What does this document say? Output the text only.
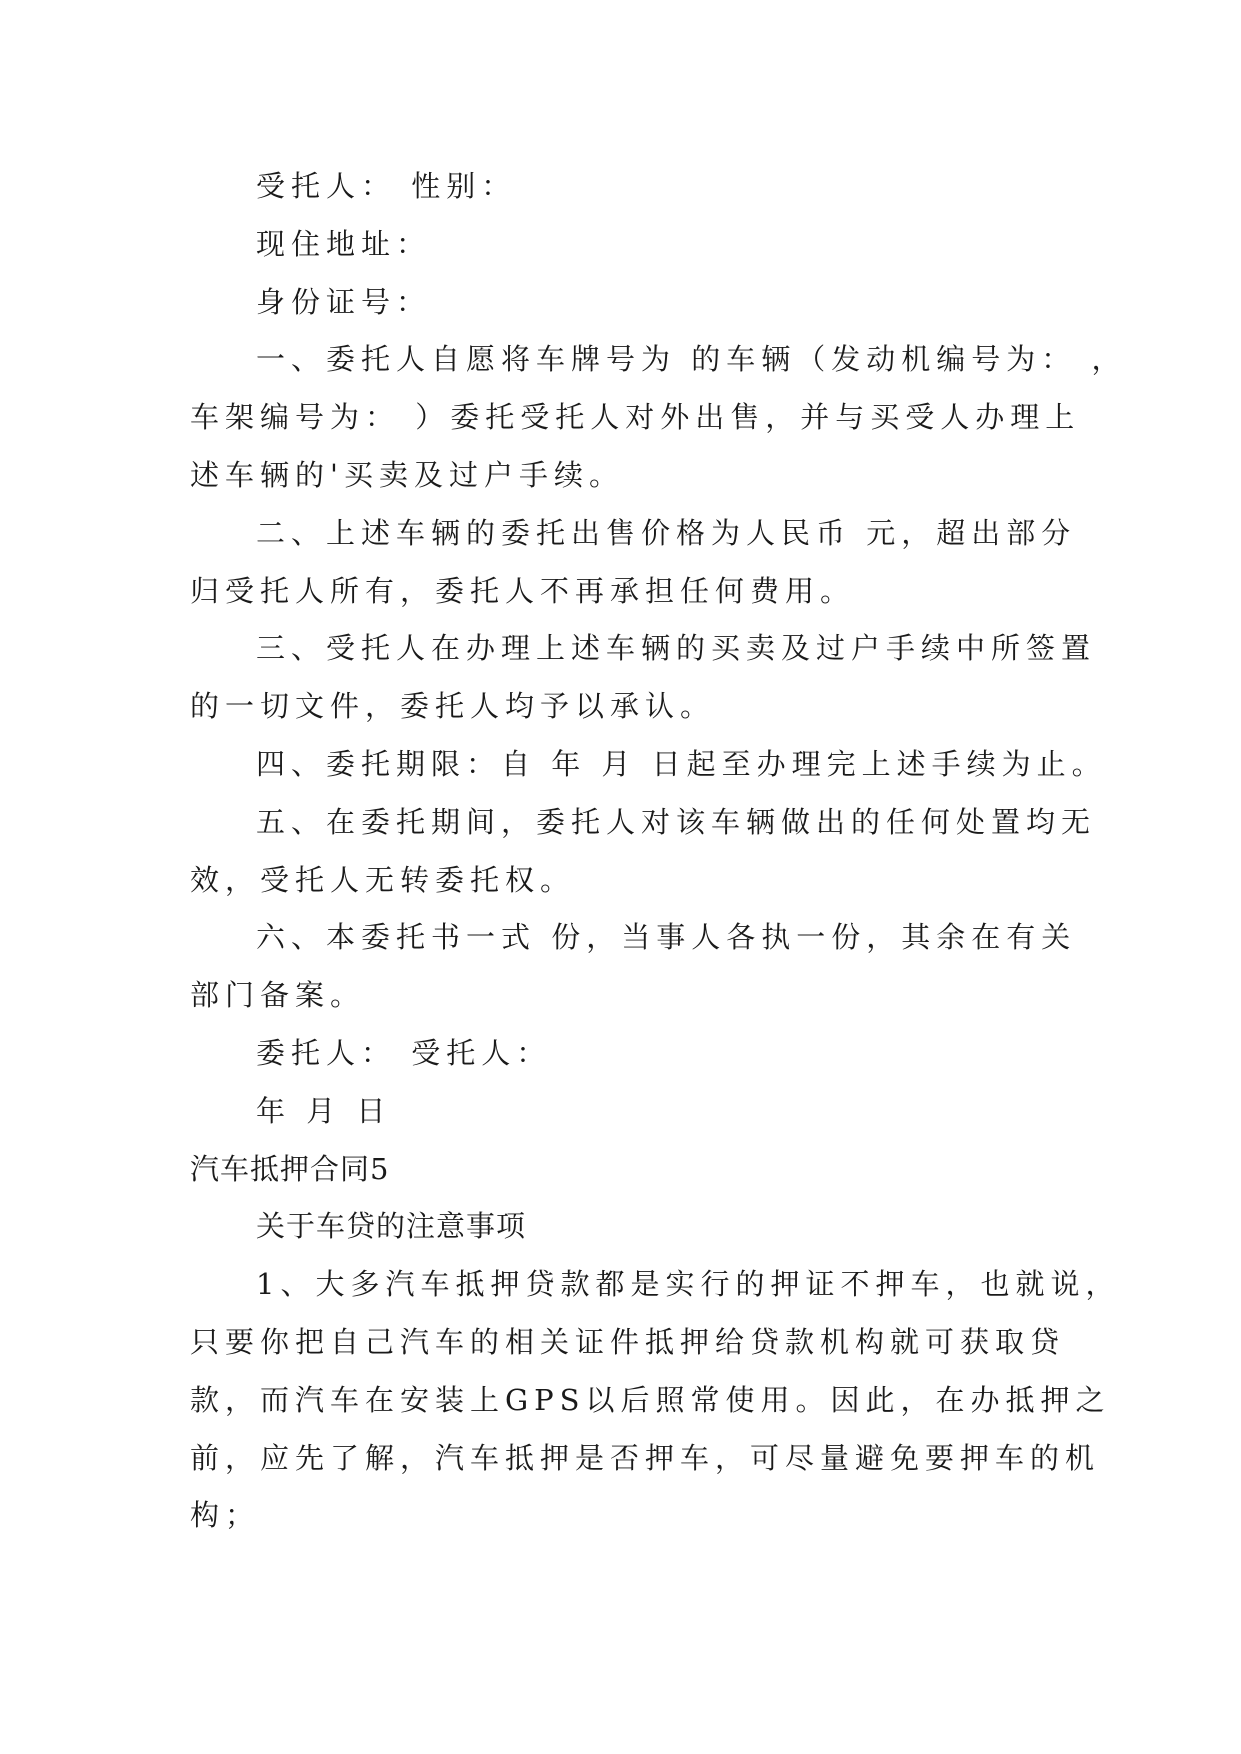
受托人： 性别：
现住地址：
身份证号：
一、委托人自愿将车牌号为 的车辆（发动机编号为： ，
车架编号为： ）委托受托人对外出售，并与买受人办理上
述车辆的'买卖及过户手续。
二、上述车辆的委托出售价格为人民币 元，超出部分
归受托人所有，委托人不再承担任何费用。
三、受托人在办理上述车辆的买卖及过户手续中所签置
的一切文件，委托人均予以承认。
四、委托期限：自 年 月 日起至办理完上述手续为止。
五、在委托期间，委托人对该车辆做出的任何处置均无
效，受托人无转委托权。
六、本委托书一式 份，当事人各执一份，其余在有关
部门备案。
委托人： 受托人：
年 月 日
汽车抵押合同5
关于车贷的注意事项
1、大多汽车抵押贷款都是实行的押证不押车，也就说，
只要你把自己汽车的相关证件抵押给贷款机构就可获取贷
款，而汽车在安装上GPS以后照常使用。因此，在办抵押之
前，应先了解，汽车抵押是否押车，可尽量避免要押车的机
构；
